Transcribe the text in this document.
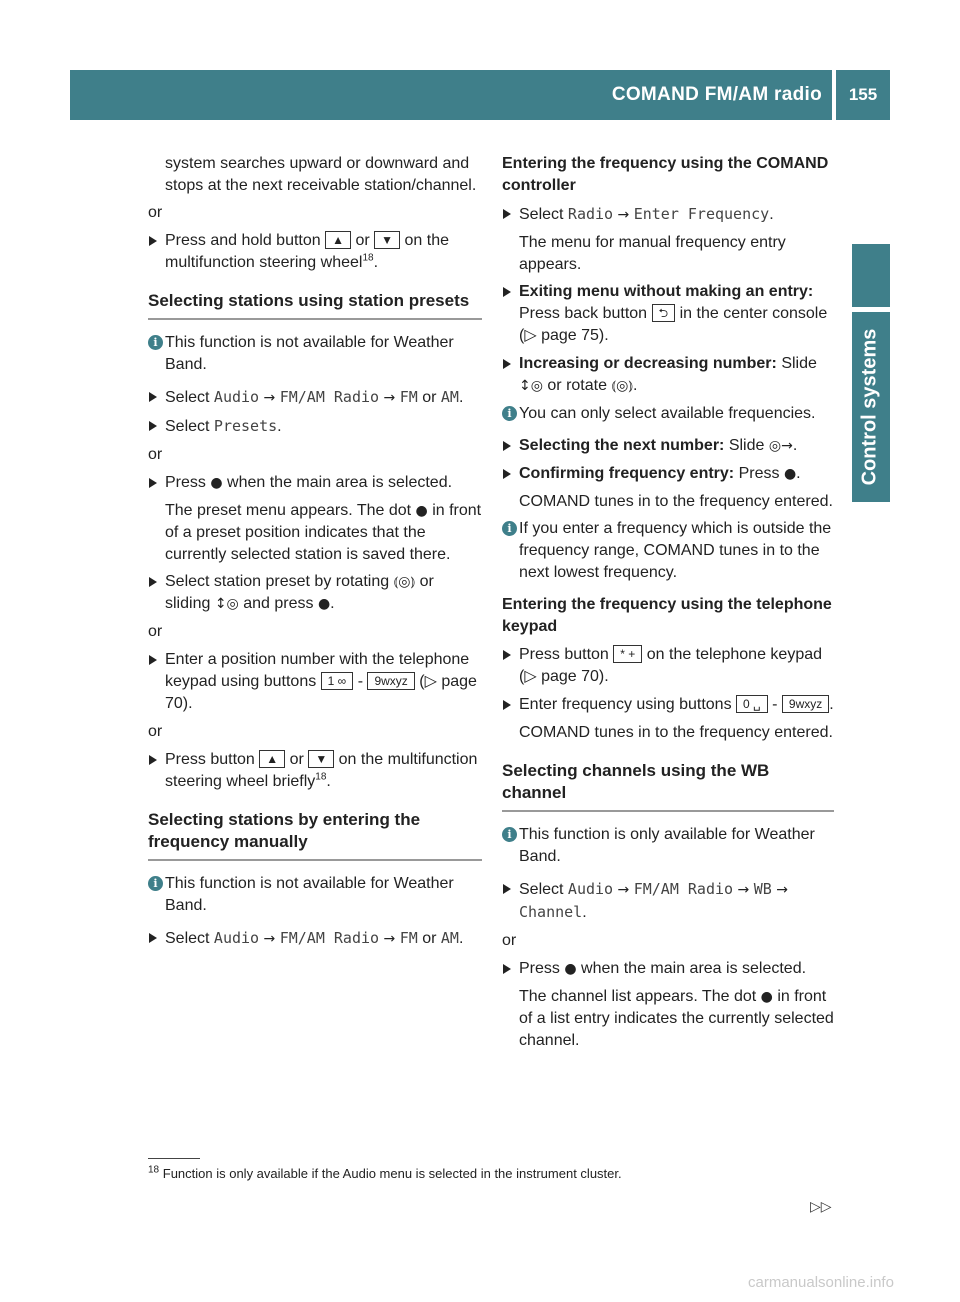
COMAND FM/AM radio	155
Control systems
system searches upward or downward and stops at the next receivable station/channel.
or
Press and hold button ▲ or ▼ on the multifunction steering wheel$^{18}$.
Selecting stations using station presets
i This function is not available for Weather Band.
Select Audio → FM/AM Radio → FM or AM.
Select Presets.
or
Press ● when the main area is selected.
The preset menu appears. The dot ● in front of a preset position indicates that the currently selected station is saved there.
Select station preset by rotating ⦅◎⦆ or sliding ↕◎ and press ●.
or
Enter a position number with the telephone keypad using buttons 1 ∞ - 9wxyz (▷ page 70).
or
Press button ▲ or ▼ on the multifunction steering wheel briefly$^{18}$.
Selecting stations by entering the frequency manually
i This function is not available for Weather Band.
Select Audio → FM/AM Radio → FM or AM.
Entering the frequency using the COMAND controller
Select Radio → Enter Frequency.
The menu for manual frequency entry appears.
Exiting menu without making an entry: Press back button ⮌ in the center console (▷ page 75).
Increasing or decreasing number: Slide ↕◎ or rotate ⦅◎⦆.
i You can only select available frequencies.
Selecting the next number: Slide ◎→.
Confirming frequency entry: Press ●.
COMAND tunes in to the frequency entered.
i If you enter a frequency which is outside the frequency range, COMAND tunes in to the next lowest frequency.
Entering the frequency using the telephone keypad
Press button * + on the telephone keypad (▷ page 70).
Enter frequency using buttons 0 ␣ - 9wxyz .
COMAND tunes in to the frequency entered.
Selecting channels using the WB channel
i This function is only available for Weather Band.
Select Audio → FM/AM Radio → WB → Channel.
or
Press ● when the main area is selected.
The channel list appears. The dot ● in front of a list entry indicates the currently selected channel.
$^{18}$ Function is only available if the Audio menu is selected in the instrument cluster.
▷▷
carmanualsonline.info
